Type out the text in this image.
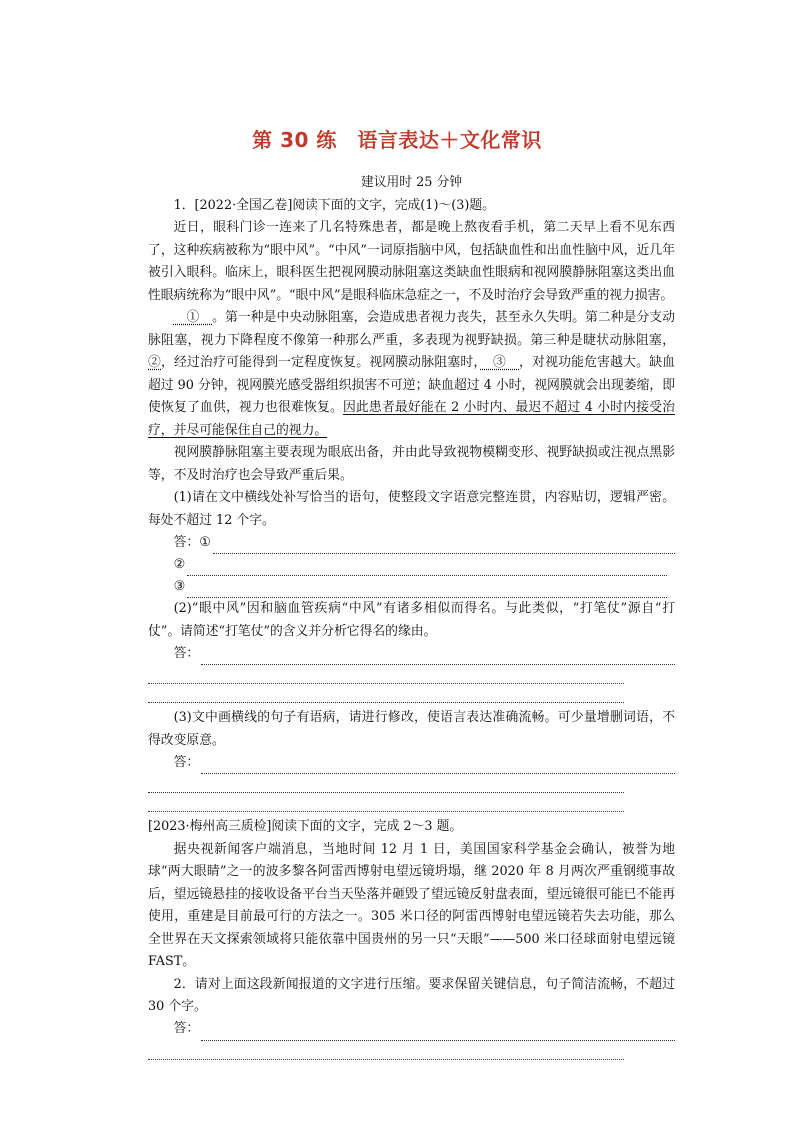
第 30 练　语言表达＋文化常识
建议用时 25 分钟

1．[2022·全国乙卷]阅读下面的文字，完成(1)～(3)题。

近日，眼科门诊一连来了几名特殊患者，都是晚上熬夜看手机，第二天早上看不见东西了，这种疾病被称为“眼中风”。“中风”一词原指脑中风，包括缺血性和出血性脑中风，近几年被引入眼科。临床上，眼科医生把视网膜动脉阻塞这类缺血性眼病和视网膜静脉阻塞这类出血性眼病统称为“眼中风”。“眼中风”是眼科临床急症之一，不及时治疗会导致严重的视力损害。

　①　。第一种是中央动脉阻塞，会造成患者视力丧失，甚至永久失明。第二种是分支动脉阻塞，视力下降程度不像第一种那么严重，多表现为视野缺损。第三种是睫状动脉阻塞，②，经过治疗可能得到一定程度恢复。视网膜动脉阻塞时，　③　，对视功能危害越大。缺血超过 90 分钟，视网膜光感受器组织损害不可逆；缺血超过 4 小时，视网膜就会出现萎缩，即使恢复了血供，视力也很难恢复。因此患者最好能在 2 小时内、最迟不超过 4 小时内接受治疗，并尽可能保住自己的视力。

视网膜静脉阻塞主要表现为眼底出备，并由此导致视物模糊变形、视野缺损或注视点黑影等，不及时治疗也会导致严重后果。

(1)请在文中横线处补写恰当的语句，使整段文字语意完整连贯，内容贴切，逻辑严密。每处不超过 12 个字。

答： ①
②
③

(2)“眼中风”因和脑血管疾病“中风”有诸多相似而得名。与此类似，“打笔仗”源自“打仗”。请简述“打笔仗”的含义并分析它得名的缘由。

答：

(3)文中画横线的句子有语病，请进行修改，使语言表达准确流畅。可少量增删词语，不得改变原意。

答：

[2023·梅州高三质检]阅读下面的文字，完成 2～3 题。

据央视新闻客户端消息，当地时间 12 月 1 日，美国国家科学基金会确认，被誉为地球“两大眼睛”之一的波多黎各阿雷西博射电望远镜坍塌，继 2020 年 8 月两次严重钢缆事故后，望远镜悬挂的接收设备平台当天坠落并砸毁了望远镜反射盘表面，望远镜很可能已不能再使用，重建是目前最可行的方法之一。305 米口径的阿雷西博射电望远镜若失去功能，那么全世界在天文探索领域将只能依靠中国贵州的另一只“天眼”——500 米口径球面射电望远镜 FAST。

2．请对上面这段新闻报道的文字进行压缩。要求保留关键信息，句子简洁流畅，不超过 30 个字。

答：
